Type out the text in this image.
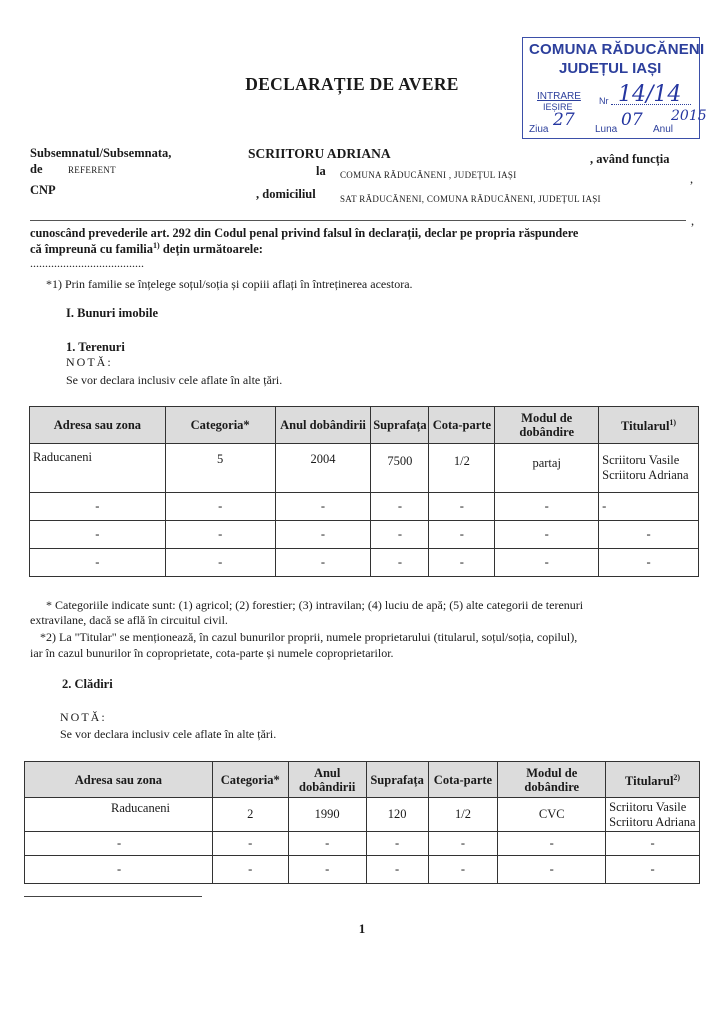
COMUNA RĂDUCĂNENI
JUDEȚUL IAȘI
INTRARE
IEȘIRE
Nr 14/14
Ziua 27 Luna 07 Anul
2015
DECLARAȚIE DE AVERE
Subsemnatul/Subsemnata,	SCRIITORU ADRIANA	, având funcția
de	REFERENT	la COMUNA RĂDUCĂNENI , JUDEȚUL IAȘI	,
CNP	, domiciliul	SAT RĂDUCĂNENI, COMUNA RĂDUCĂNENI, JUDEȚUL IAȘI
,
cunoscând prevederile art. 292 din Codul penal privind falsul în declarații, declar pe propria răspundere
că împreună cu familia$^{1)}$ dețin următoarele:
......................................
*1) Prin familie se înțelege soțul/soția și copiii aflați în întreținerea acestora.
I. Bunuri imobile
1. Terenuri
NOTĂ:
Se vor declara inclusiv cele aflate în alte țări.
Adresa sau zona	Categoria*	Anul dobândirii	Suprafața	Cota-parte	Modul de dobândire	Titularul$^{1)}$
Raducaneni	5	2004	7500	1/2	partaj	Scriitoru Vasile Scriitoru Adriana
-	-	-	-	-	-	-
-	-	-	-	-	-	-
-	-	-	-	-	-	-
* Categoriile indicate sunt: (1) agricol; (2) forestier; (3) intravilan; (4) luciu de apă; (5) alte categorii de terenuri
extravilane, dacă se află în circuitul civil.
*2) La "Titular" se menționează, în cazul bunurilor proprii, numele proprietarului (titularul, soțul/soția, copilul),
iar în cazul bunurilor în coproprietate, cota-parte și numele coproprietarilor.
2. Clădiri
NOTĂ:
Se vor declara inclusiv cele aflate în alte țări.
Adresa sau zona	Categoria*	Anul dobândirii	Suprafața	Cota-parte	Modul de dobândire	Titularul$^{2)}$
Raducaneni	2	1990	120	1/2	CVC	Scriitoru Vasile Scriitoru Adriana
-	-	-	-	-	-	-
-	-	-	-	-	-	-
1
